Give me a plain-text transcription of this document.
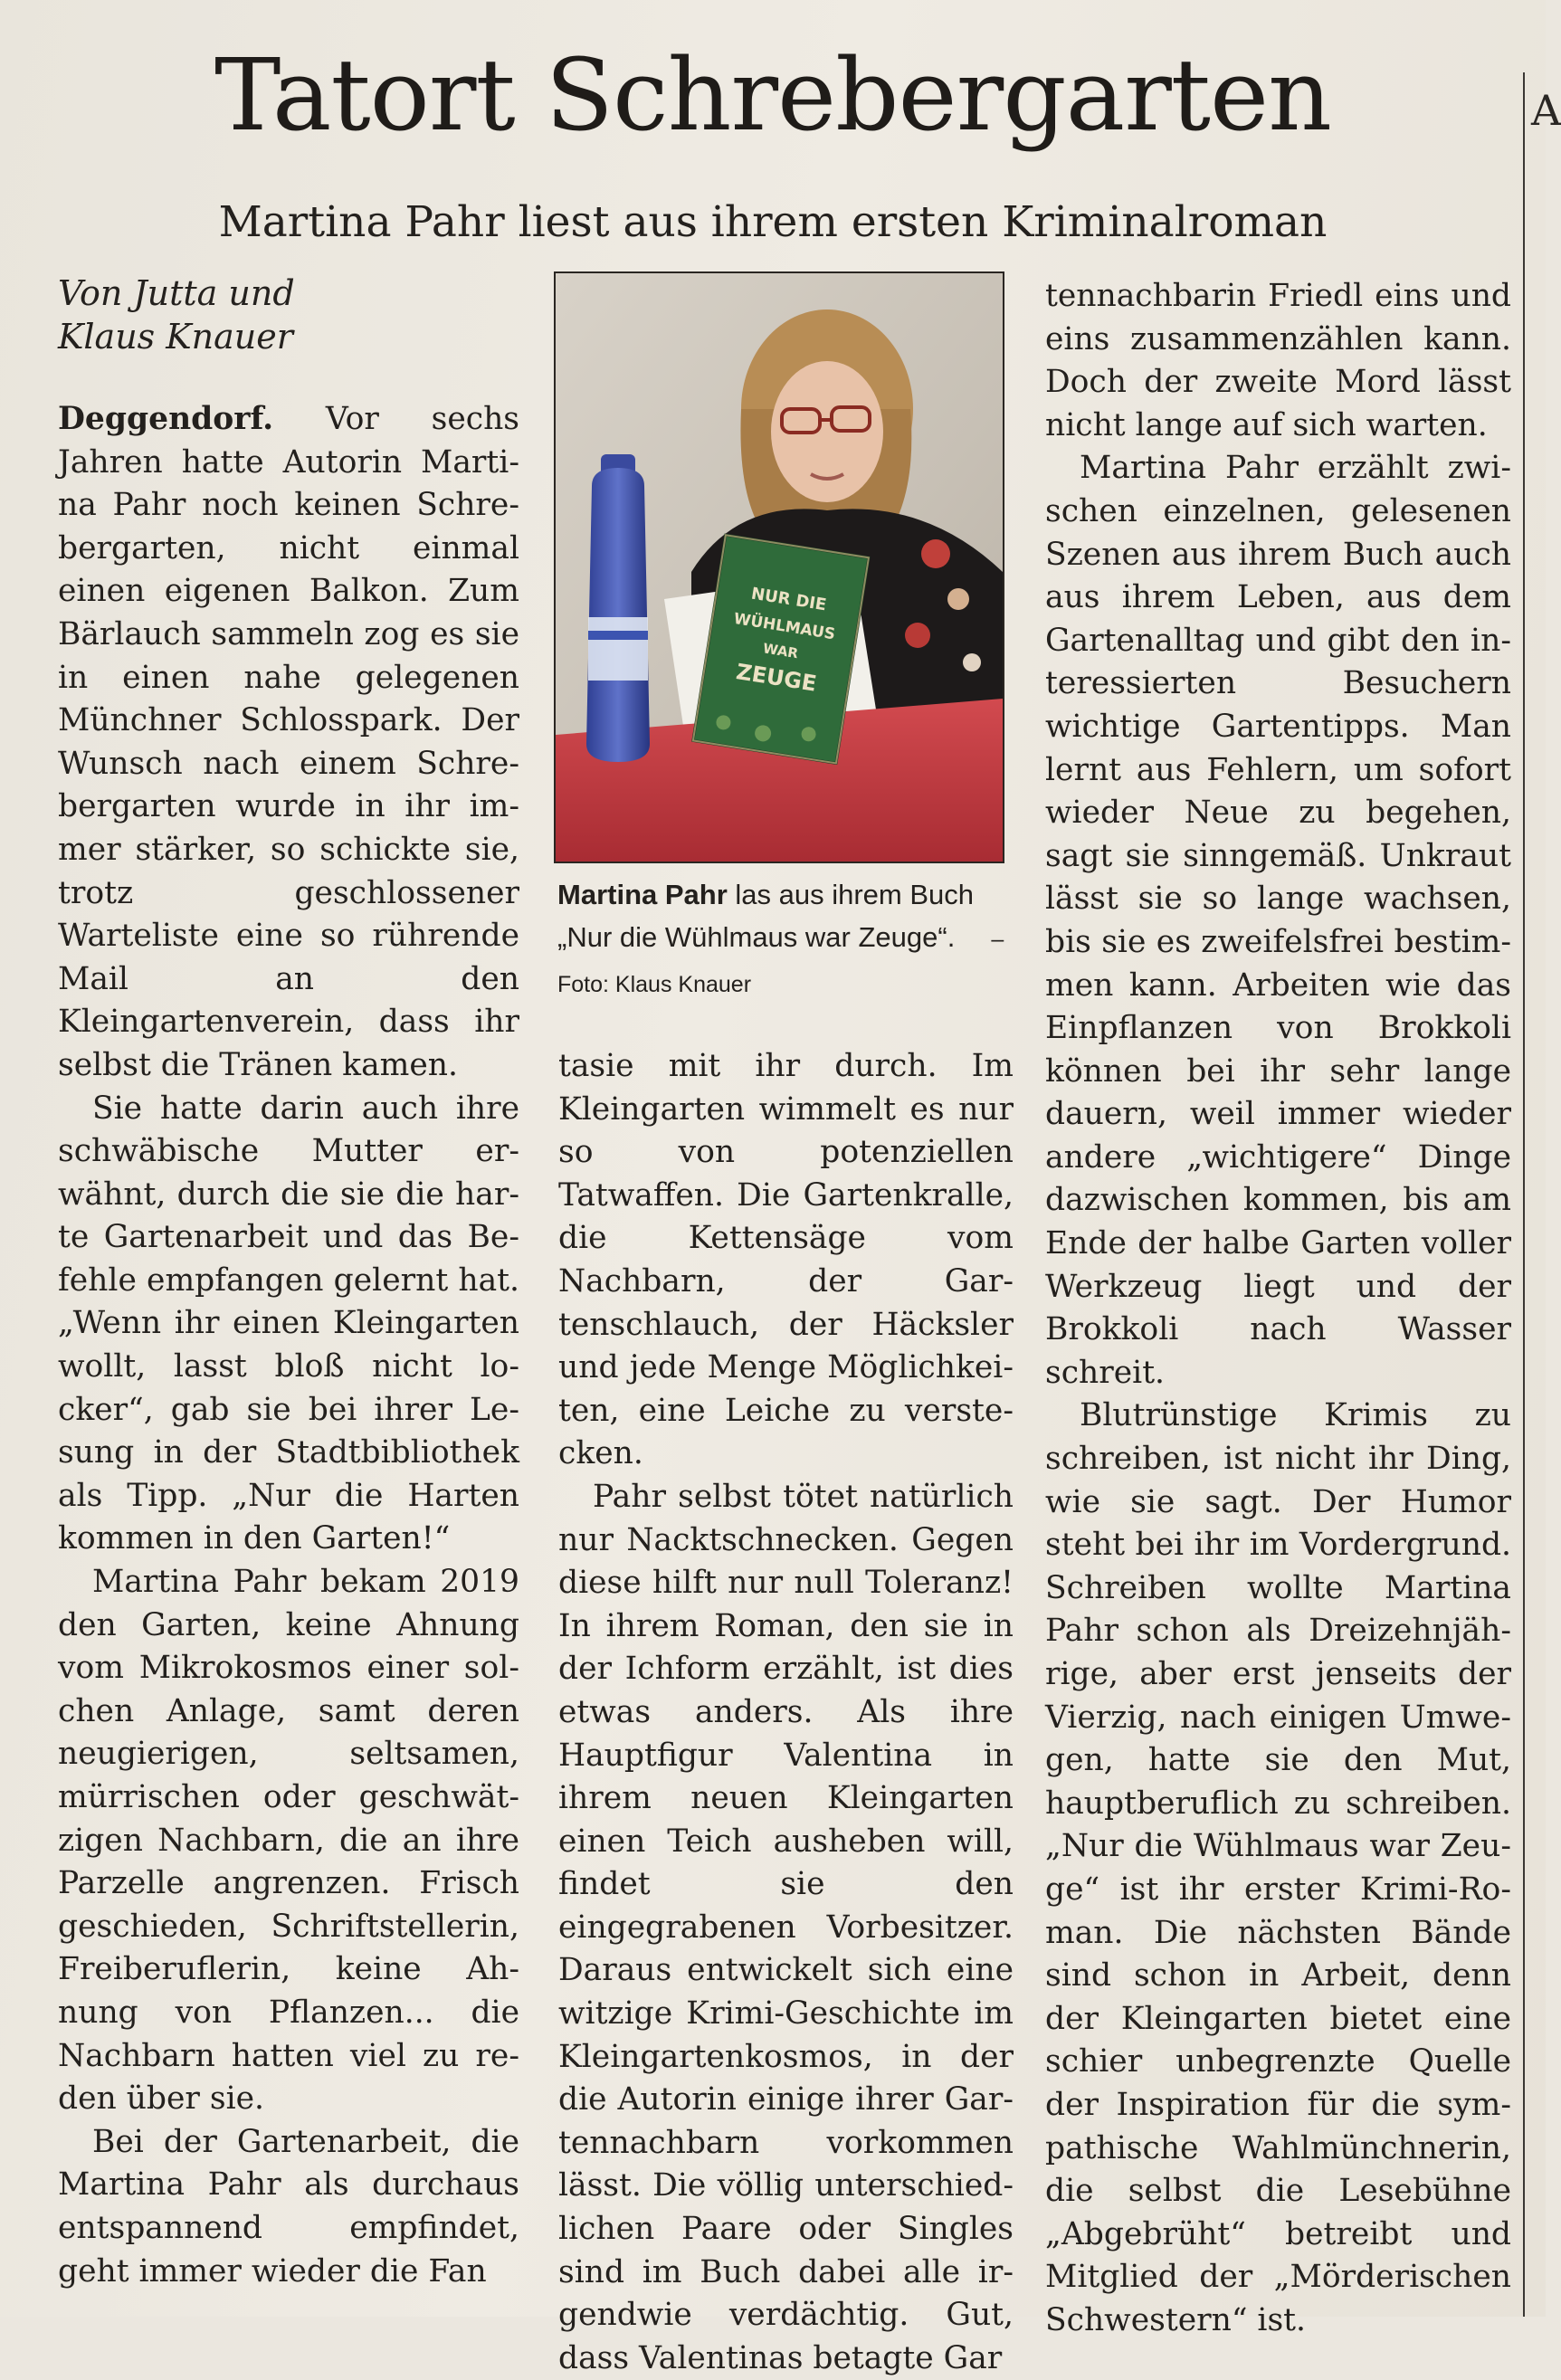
A
Tatort Schrebergarten
Martina Pahr liest aus ihrem ersten Kriminalroman
Von Jutta und
Klaus Knauer

Deggendorf. Vor sechs Jahren hatte Autorin Martina Pahr noch keinen Schrebergarten, nicht einmal einen eigenen Balkon. Zum Bärlauch sammeln zog es sie in einen nahe gelegenen Münchner Schlosspark. Der Wunsch nach einem Schrebergarten wurde in ihr immer stärker, so schickte sie, trotz geschlossener Warteliste eine so rührende Mail an den Kleingartenverein, dass ihr selbst die Tränen kamen.

Sie hatte darin auch ihre schwäbische Mutter erwähnt, durch die sie die harte Gartenarbeit und das Befehle empfangen gelernt hat. „Wenn ihr einen Kleingarten wollt, lasst bloß nicht locker“, gab sie bei ihrer Lesung in der Stadtbibliothek als Tipp. „Nur die Harten kommen in den Garten!“

Martina Pahr bekam 2019 den Garten, keine Ahnung vom Mikrokosmos einer solchen Anlage, samt deren neugierigen, seltsamen, mürrischen oder geschwätzigen Nachbarn, die an ihre Parzelle angrenzen. Frisch geschieden, Schriftstellerin, Freiberuflerin, keine Ahnung von Pflanzen... die Nachbarn hatten viel zu reden über sie.

Bei der Gartenarbeit, die Martina Pahr als durchaus entspannend empfindet, geht immer wieder die Fan

NUR DIE
WÜHLMAUS
WAR
ZEUGE
Martina Pahr las aus ihrem Buch „Nur die Wühlmaus war Zeuge“. – Foto: Klaus Knauer

tasie mit ihr durch. Im Kleingarten wimmelt es nur so von potenziellen Tatwaffen. Die Gartenkralle, die Kettensäge vom Nachbarn, der Gartenschlauch, der Häcksler und jede Menge Möglichkeiten, eine Leiche zu verstecken.

Pahr selbst tötet natürlich nur Nacktschnecken. Gegen diese hilft nur null Toleranz! In ihrem Roman, den sie in der Ichform erzählt, ist dies etwas anders. Als ihre Hauptfigur Valentina in ihrem neuen Kleingarten einen Teich ausheben will, findet sie den eingegrabenen Vorbesitzer. Daraus entwickelt sich eine witzige Krimi-Geschichte im Kleingartenkosmos, in der die Autorin einige ihrer Gartennachbarn vorkommen lässt. Die völlig unterschiedlichen Paare oder Singles sind im Buch dabei alle irgendwie verdächtig. Gut, dass Valentinas betagte Gar

tennachbarin Friedl eins und eins zusammenzählen kann. Doch der zweite Mord lässt nicht lange auf sich warten.

Martina Pahr erzählt zwischen einzelnen, gelesenen Szenen aus ihrem Buch auch aus ihrem Leben, aus dem Gartenalltag und gibt den interessierten Besuchern wichtige Gartentipps. Man lernt aus Fehlern, um sofort wieder Neue zu begehen, sagt sie sinngemäß. Unkraut lässt sie so lange wachsen, bis sie es zweifelsfrei bestimmen kann. Arbeiten wie das Einpflanzen von Brokkoli können bei ihr sehr lange dauern, weil immer wieder andere „wichtigere“ Dinge dazwischen kommen, bis am Ende der halbe Garten voller Werkzeug liegt und der Brokkoli nach Wasser schreit.

Blutrünstige Krimis zu schreiben, ist nicht ihr Ding, wie sie sagt. Der Humor steht bei ihr im Vordergrund. Schreiben wollte Martina Pahr schon als Dreizehnjährige, aber erst jenseits der Vierzig, nach einigen Umwegen, hatte sie den Mut, hauptberuflich zu schreiben. „Nur die Wühlmaus war Zeuge“ ist ihr erster Krimi-Roman. Die nächsten Bände sind schon in Arbeit, denn der Kleingarten bietet eine schier unbegrenzte Quelle der Inspiration für die sympathische Wahlmünchnerin, die selbst die Lesebühne „Abgebrüht“ betreibt und Mitglied der „Mörderischen Schwestern“ ist.
